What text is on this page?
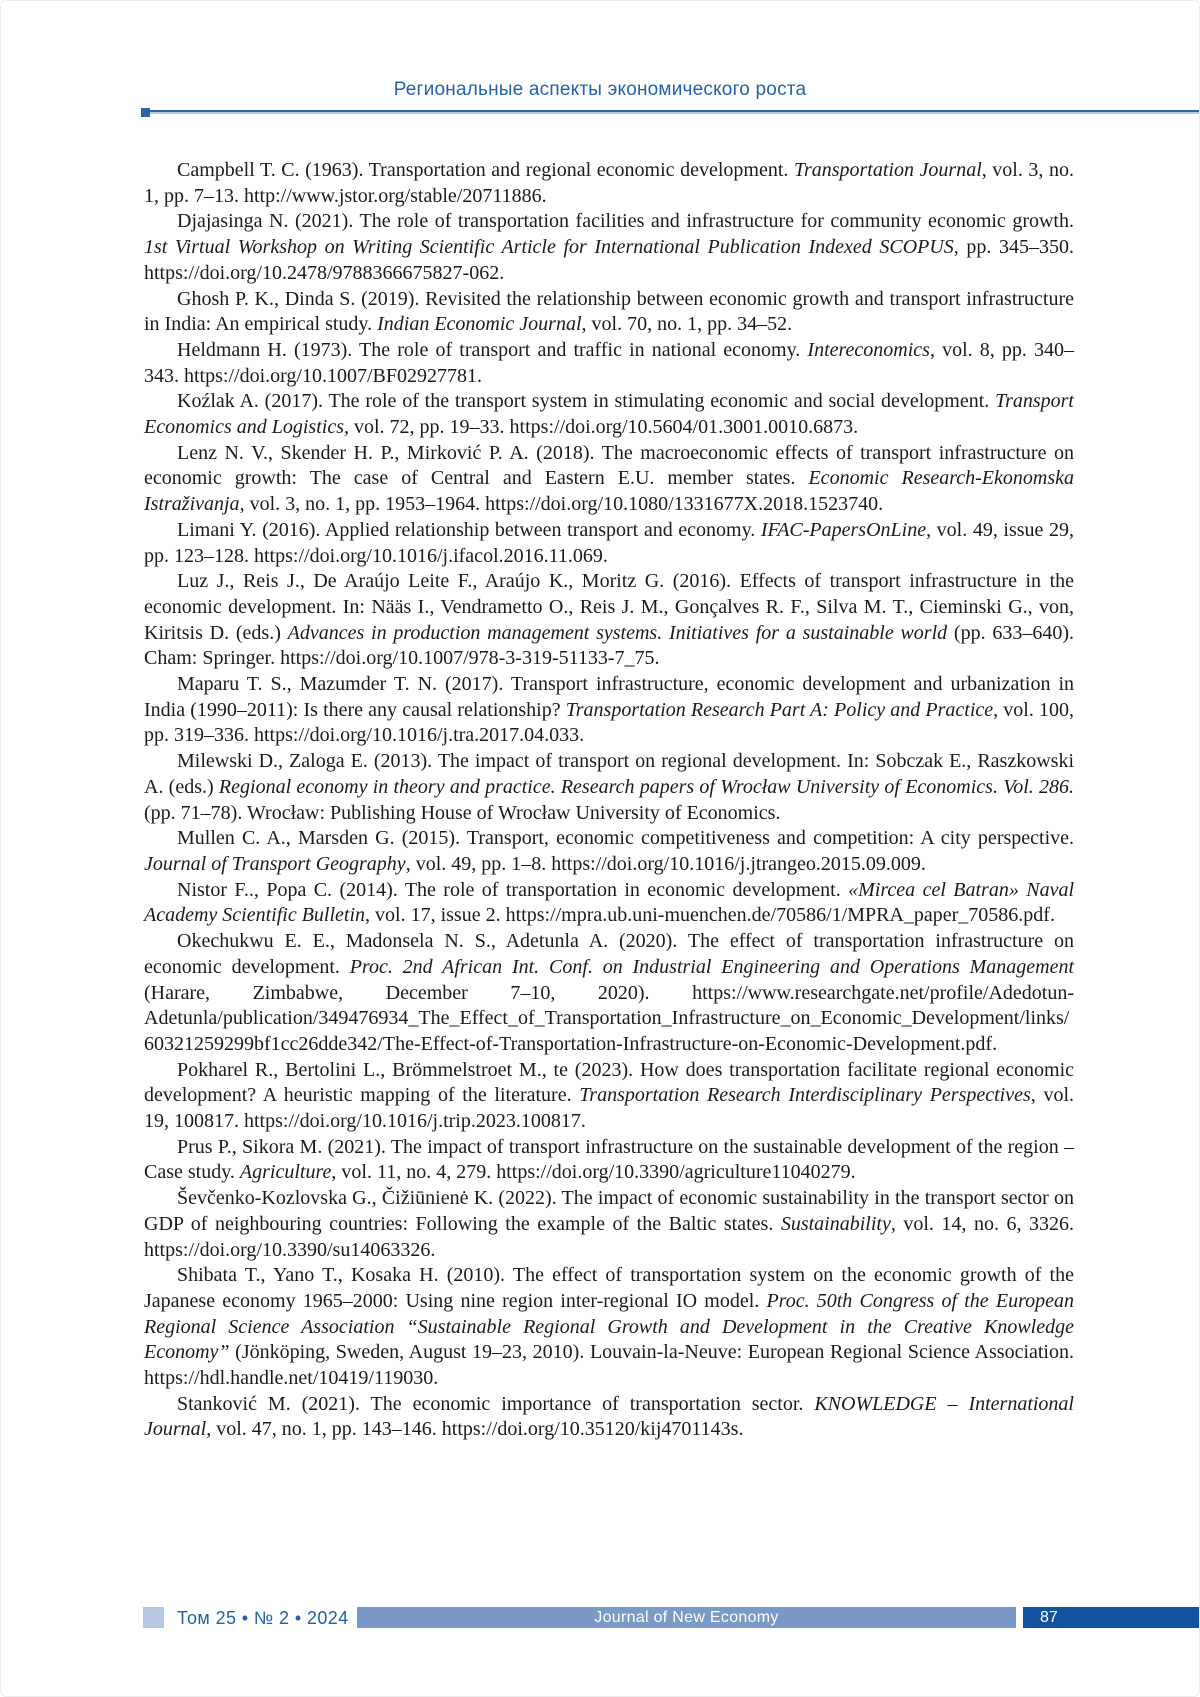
Региональные аспекты экономического роста

Campbell T. C. (1963). Transportation and regional economic development. Transportation Journal, vol. 3, no. 1, pp. 7–13. http://www.jstor.org/stable/20711886.

Djajasinga N. (2021). The role of transportation facilities and infrastructure for community economic growth. 1st Virtual Workshop on Writing Scientific Article for International Publication Indexed SCOPUS, pp. 345–350. https://doi.org/10.2478/9788366675827-062.

Ghosh P. K., Dinda S. (2019). Revisited the relationship between economic growth and transport infrastructure in India: An empirical study. Indian Economic Journal, vol. 70, no. 1, pp. 34–52.

Heldmann H. (1973). The role of transport and traffic in national economy. Intereconomics, vol. 8, pp. 340–343. https://doi.org/10.1007/BF02927781.

Koźlak A. (2017). The role of the transport system in stimulating economic and social development. Transport Economics and Logistics, vol. 72, pp. 19–33. https://doi.org/10.5604/01.3001.0010.6873.

Lenz N. V., Skender H. P., Mirković P. A. (2018). The macroeconomic effects of transport infrastructure on economic growth: The case of Central and Eastern E.U. member states. Economic Research-Ekonomska Istraživanja, vol. 3, no. 1, pp. 1953–1964. https://doi.org/10.1080/1331677X.2018.1523740.

Limani Y. (2016). Applied relationship between transport and economy. IFAC-PapersOnLine, vol. 49, issue 29, pp. 123–128. https://doi.org/10.1016/j.ifacol.2016.11.069.

Luz J., Reis J., De Araújo Leite F., Araújo K., Moritz G. (2016). Effects of transport infrastructure in the economic development. In: Nääs I., Vendrametto O., Reis J. M., Gonçalves R. F., Silva M. T., Cieminski G., von, Kiritsis D. (eds.) Advances in production management systems. Initiatives for a sustainable world (pp. 633–640). Cham: Springer. https://doi.org/10.1007/978-3-319-51133-7_75.

Maparu T. S., Mazumder T. N. (2017). Transport infrastructure, economic development and urbanization in India (1990–2011): Is there any causal relationship? Transportation Research Part A: Policy and Practice, vol. 100, pp. 319–336. https://doi.org/10.1016/j.tra.2017.04.033.

Milewski D., Zaloga E. (2013). The impact of transport on regional development. In: Sobczak E., Raszkowski A. (eds.) Regional economy in theory and practice. Research papers of Wrocław University of Economics. Vol. 286. (pp. 71–78). Wrocław: Publishing House of Wrocław University of Economics.

Mullen C. A., Marsden G. (2015). Transport, economic competitiveness and competition: A city perspective. Journal of Transport Geography, vol. 49, pp. 1–8. https://doi.org/10.1016/j.jtrangeo.2015.09.009.

Nistor F.., Popa C. (2014). The role of transportation in economic development. «Mircea cel Batran» Naval Academy Scientific Bulletin, vol. 17, issue 2. https://mpra.ub.uni-muenchen.de/70586/1/MPRA_paper_70586.pdf.

Okechukwu E. E., Madonsela N. S., Adetunla A. (2020). The effect of transportation infrastructure on economic development. Proc. 2nd African Int. Conf. on Industrial Engineering and Operations Management (Harare, Zimbabwe, December 7–10, 2020). https://www.researchgate.net/profile/Adedotun-Adetunla/publication/349476934_The_Effect_of_Transportation_Infrastructure_on_Economic_Development/links/60321259299bf1cc26dde342/The-Effect-of-Transportation-Infrastructure-on-Economic-Development.pdf.

Pokharel R., Bertolini L., Brömmelstroet M., te (2023). How does transportation facilitate regional economic development? A heuristic mapping of the literature. Transportation Research Interdisciplinary Perspectives, vol. 19, 100817. https://doi.org/10.1016/j.trip.2023.100817.

Prus P., Sikora M. (2021). The impact of transport infrastructure on the sustainable development of the region – Case study. Agriculture, vol. 11, no. 4, 279. https://doi.org/10.3390/agriculture11040279.

Ševčenko-Kozlovska G., Čižiūnienė K. (2022). The impact of economic sustainability in the transport sector on GDP of neighbouring countries: Following the example of the Baltic states. Sustainability, vol. 14, no. 6, 3326. https://doi.org/10.3390/su14063326.

Shibata T., Yano T., Kosaka H. (2010). The effect of transportation system on the economic growth of the Japanese economy 1965–2000: Using nine region inter-regional IO model. Proc. 50th Congress of the European Regional Science Association “Sustainable Regional Growth and Development in the Creative Knowledge Economy” (Jönköping, Sweden, August 19–23, 2010). Louvain-la-Neuve: European Regional Science Association. https://hdl.handle.net/10419/119030.

Stanković M. (2021). The economic importance of transportation sector. KNOWLEDGE – International Journal, vol. 47, no. 1, pp. 143–146. https://doi.org/10.35120/kij4701143s.

Том 25 • № 2 • 2024	Journal of New Economy	87
